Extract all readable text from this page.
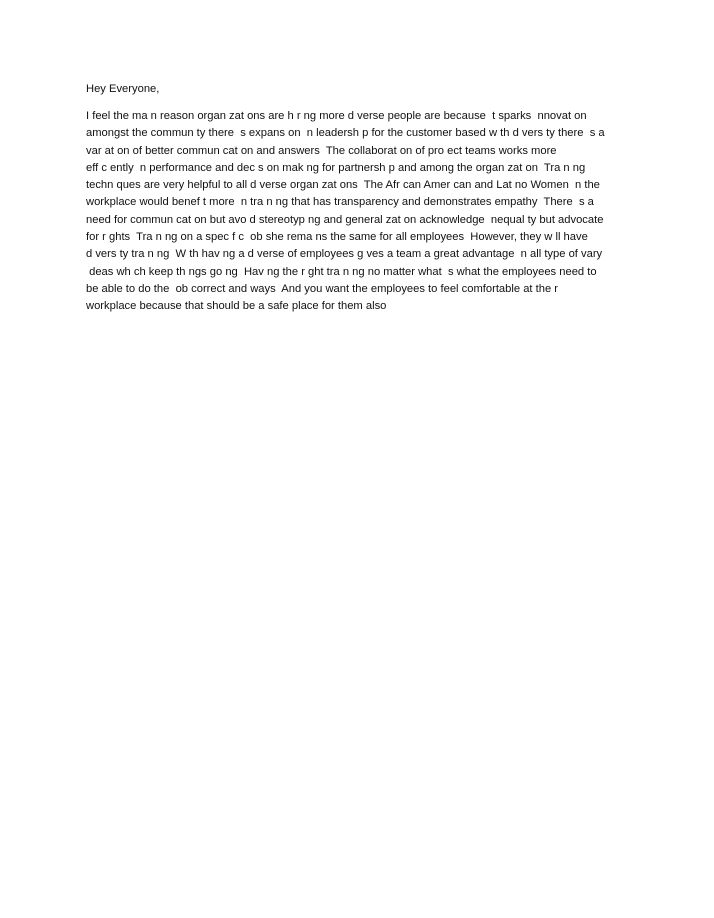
Hey Everyone,

I feel the ma n reason organ zat ons are h r ng more d verse people are because  t sparks  nnovat on
amongst the commun ty there  s expans on  n leadersh p for the customer based w th d vers ty there  s a
var at on of better commun cat on and answers  The collaborat on of pro ect teams works more
eff c ently  n performance and dec s on mak ng for partnersh p and among the organ zat on  Tra n ng
techn ques are very helpful to all d verse organ zat ons  The Afr can Amer can and Lat no Women  n the
workplace would benef t more  n tra n ng that has transparency and demonstrates empathy  There  s a
need for commun cat on but avo d stereotyp ng and general zat on acknowledge  nequal ty but advocate
for r ghts  Tra n ng on a spec f c  ob she rema ns the same for all employees  However, they w ll have
d vers ty tra n ng  W th hav ng a d verse of employees g ves a team a great advantage  n all type of vary
deas wh ch keep th ngs go ng  Hav ng the r ght tra n ng no matter what  s what the employees need to
be able to do the  ob correct and ways  And you want the employees to feel comfortable at the r
workplace because that should be a safe place for them also
